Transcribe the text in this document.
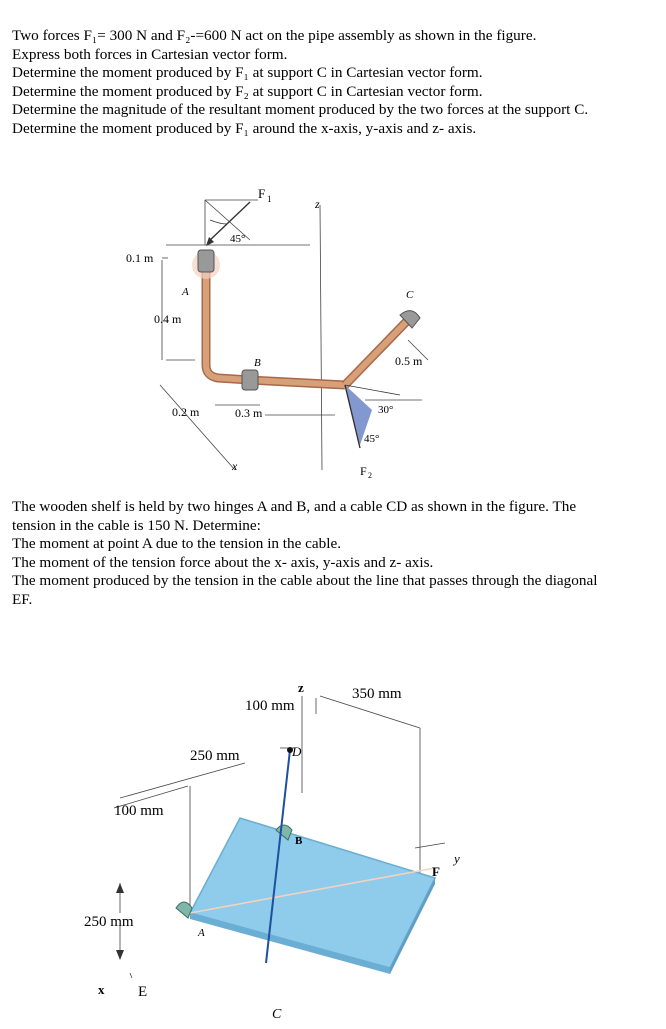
Two forces F₁= 300 N and F₂-=600 N act on the pipe assembly as shown in the figure.

Express both forces in Cartesian vector form.

Determine the moment produced by F₁ at support C in Cartesian vector form.

Determine the moment produced by F₂ at support C in Cartesian vector form.

Determine the magnitude of the resultant moment produced by the two forces at the support C.

Determine the moment produced by F₁ around the x-axis, y-axis and z- axis.

F 1
45°
z
30°
45°
F 2
0.1 m
A	C
0.4 m
B	0.5 m
0.2 m	0.3 m
x

The wooden shelf is held by two hinges A and B, and a cable CD as shown in the figure. The

tension in the cable is 150 N. Determine:

The moment at point A due to the tension in the cable.

The moment of the tension force about the x- axis, y-axis and z- axis.

The moment produced by the tension in the cable about the line that passes through the diagonal

EF.

z
100 mm
350 mm
D
250 mm
100 mm
B
y
F
250 mm
A
x E
C
